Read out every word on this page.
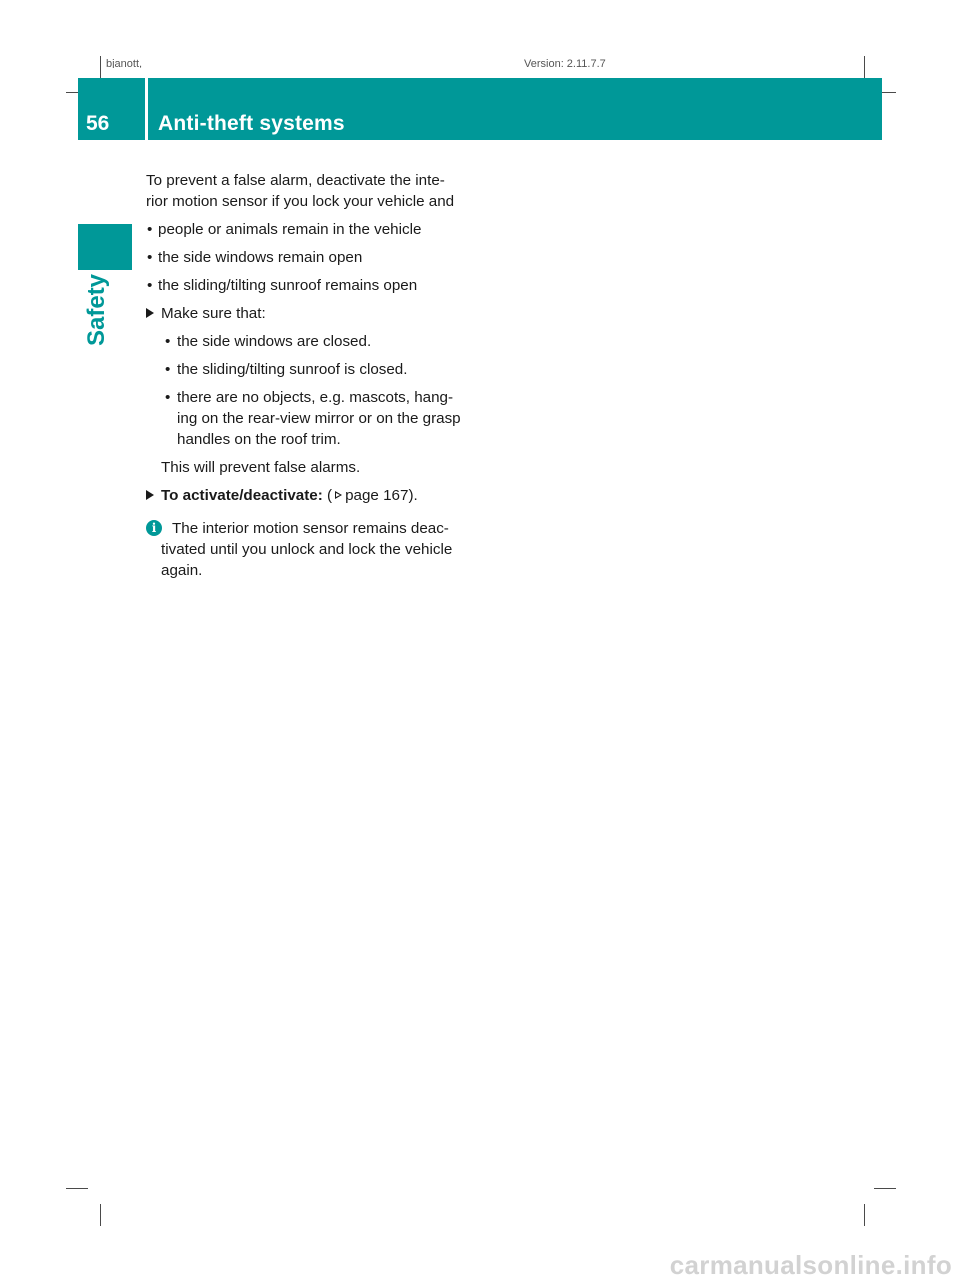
bjanott,	Version: 2.11.7.7
56 Anti-theft systems
Safety

To prevent a false alarm, deactivate the inte-rior motion sensor if you lock your vehicle and

• people or animals remain in the vehicle
• the side windows remain open
• the sliding/tilting sunroof remains open
Make sure that:
• the side windows are closed.
• the sliding/tilting sunroof is closed.
• there are no objects, e.g. mascots, hang-ing on the rear-view mirror or on the grasp handles on the roof trim.

This will prevent false alarms.

To activate/deactivate: ( page 167).
i	The interior motion sensor remains deac-tivated until you unlock and lock the vehicle again.
carmanualsonline.info
